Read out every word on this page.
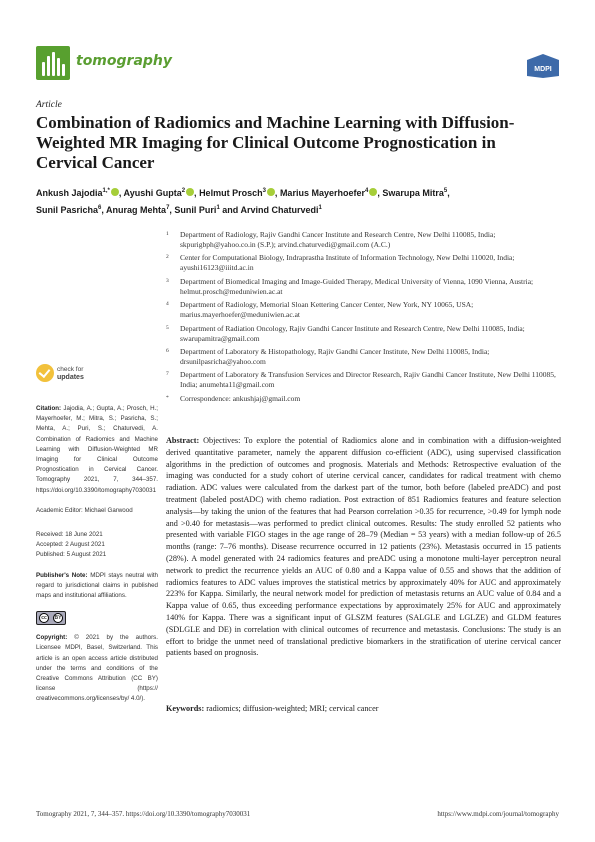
tomography
MDPI
Article
Combination of Radiomics and Machine Learning with Diffusion-Weighted MR Imaging for Clinical Outcome Prognostication in Cervical Cancer
Ankush Jajodia$^{1,*}$ , Ayushi Gupta$^2$ , Helmut Prosch$^3$ , Marius Mayerhoefer$^4$ , Swarupa Mitra$^5$,
Sunil Pasricha$^6$, Anurag Mehta$^7$, Sunil Puri$^1$ and Arvind Chaturvedi$^1$
1 Department of Radiology, Rajiv Gandhi Cancer Institute and Research Centre, New Delhi 110085, India; skpurigbph@yahoo.co.in (S.P.); arvind.chaturvedi@gmail.com (A.C.)
2 Center for Computational Biology, Indraprastha Institute of Information Technology, New Delhi 110020, India; ayushi16123@iiitd.ac.in
3 Department of Biomedical Imaging and Image-Guided Therapy, Medical University of Vienna, 1090 Vienna, Austria; helmut.prosch@meduniwien.ac.at
4 Department of Radiology, Memorial Sloan Kettering Cancer Center, New York, NY 10065, USA; marius.mayerhoefer@meduniwien.ac.at
5 Department of Radiation Oncology, Rajiv Gandhi Cancer Institute and Research Centre, New Delhi 110085, India; swarupamitra@gmail.com
6 Department of Laboratory & Histopathology, Rajiv Gandhi Cancer Institute, New Delhi 110085, India; drsunilpasricha@yahoo.com
7 Department of Laboratory & Transfusion Services and Director Research, Rajiv Gandhi Cancer Institute, New Delhi 110085, India; anumehta11@gmail.com
* Correspondence: ankushjaj@gmail.com
check for
updates
Citation: Jajodia, A.; Gupta, A.; Prosch, H.; Mayerhoefer, M.; Mitra, S.; Pasricha, S.; Mehta, A.; Puri, S.; Chaturvedi, A. Combination of Radiomics and Machine Learning with Diffusion-Weighted MR Imaging for Clinical Outcome Prognostication in Cervical Cancer. Tomography 2021, 7, 344–357. https://doi.org/10.3390/tomography7030031
Academic Editor: Michael Garwood
Received: 18 June 2021
Accepted: 2 August 2021
Published: 5 August 2021
Publisher's Note: MDPI stays neutral with regard to jurisdictional claims in published maps and institutional affiliations.
cc	BY
Copyright: © 2021 by the authors. Licensee MDPI, Basel, Switzerland. This article is an open access article distributed under the terms and conditions of the Creative Commons Attribution (CC BY) license (https:// creativecommons.org/licenses/by/ 4.0/).
Abstract: Objectives: To explore the potential of Radiomics alone and in combination with a diffusion-weighted derived quantitative parameter, namely the apparent diffusion co-efficient (ADC), using supervised classification algorithms in the prediction of outcomes and prognosis. Materials and Methods: Retrospective evaluation of the imaging was conducted for a study cohort of uterine cervical cancer, candidates for radical treatment with chemo radiation. ADC values were calculated from the darkest part of the tumor, both before (labeled preADC) and post treatment (labeled postADC) with chemo radiation. Post extraction of 851 Radiomics features and feature selection analysis—by taking the union of the features that had Pearson correlation >0.35 for recurrence, >0.49 for lymph node and >0.40 for metastasis—was performed to predict clinical outcomes. Results: The study enrolled 52 patients who presented with variable FIGO stages in the age range of 28–79 (Median = 53 years) with a median follow-up of 26.5 months (range: 7–76 months). Disease recurrence occurred in 12 patients (23%). Metastasis occurred in 15 patients (28%). A model generated with 24 radiomics features and preADC using a monotone multi-layer perceptron neural network to predict the recurrence yields an AUC of 0.80 and a Kappa value of 0.55 and shows that the addition of radiomics features to ADC values improves the statistical metrics by approximately 40% for AUC and approximately 223% for Kappa. Similarly, the neural network model for prediction of metastasis returns an AUC value of 0.84 and a Kappa value of 0.65, thus exceeding performance expectations by approximately 25% for AUC and approximately 140% for Kappa. There was a significant input of GLSZM features (SALGLE and LGLZE) and GLDM features (SDLGLE and DE) in correlation with clinical outcomes of recurrence and metastasis. Conclusions: The study is an effort to bridge the unmet need of translational predictive biomarkers in the stratification of uterine cervical cancer patients based on prognosis.
Keywords: radiomics; diffusion-weighted; MRI; cervical cancer
Tomography 2021, 7, 344–357. https://doi.org/10.3390/tomography7030031	https://www.mdpi.com/journal/tomography
